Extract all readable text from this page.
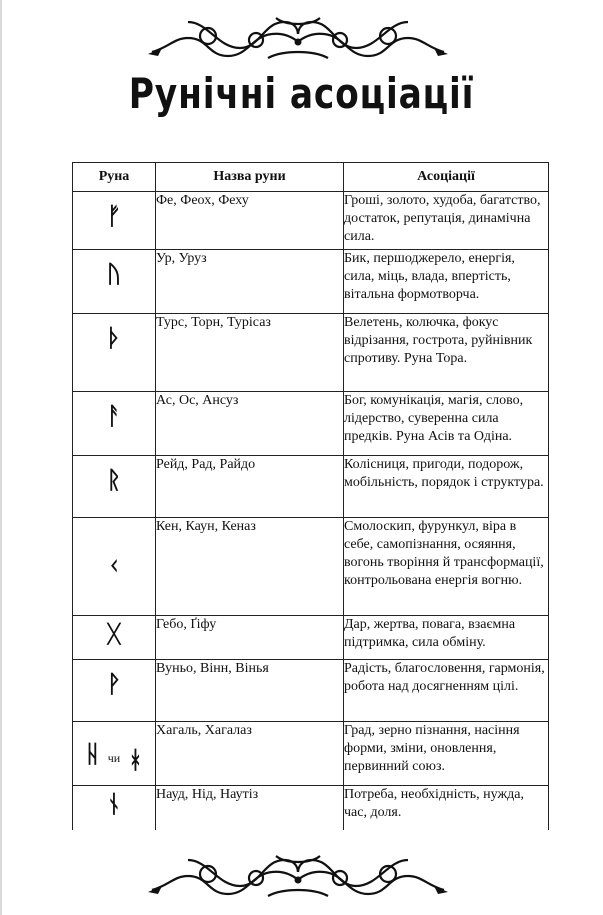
Рунічні асоціації
Руна	Назва руни	Асоціації
ᚠ	Фе, Феох, Феху	Гроші, золото, худоба, багатство, достаток, репутація, динамічна сила.
ᚢ	Ур, Уруз	Бик, першоджерело, енергія, сила, міць, влада, впертість, вітальна формотворча.
ᚦ	Турс, Торн, Турісаз	Велетень, колючка, фокус відрізання, гострота, руйнівник спротиву. Руна Тора.
ᚨ	Ас, Ос, Ансуз	Бог, комунікація, магія, слово, лідерство, суверенна сила предків. Руна Асів та Одіна.
ᚱ	Рейд, Рад, Райдо	Колісниця, пригоди, подорож, мобільність, порядок і структура.
ᚲ	Кен, Каун, Кеназ	Смолоскип, фурункул, віра в себе, самопізнання, осяяння, вогонь творіння й трансформації, контрольована енергія вогню.
ᚷ	Гебо, Ґіфу	Дар, жертва, повага, взаємна підтримка, сила обміну.
ᚹ	Вуньо, Вінн, Вінья	Радість, благословення, гармонія, робота над досягненням цілі.

ᚺ чи ᚼ	Хагаль, Хагалаз	Град, зерно пізнання, насіння форми, зміни, оновлення, первинний союз.
ᚾ	Науд, Нід, Наутіз	Потреба, необхідність, нужда, час, доля.
